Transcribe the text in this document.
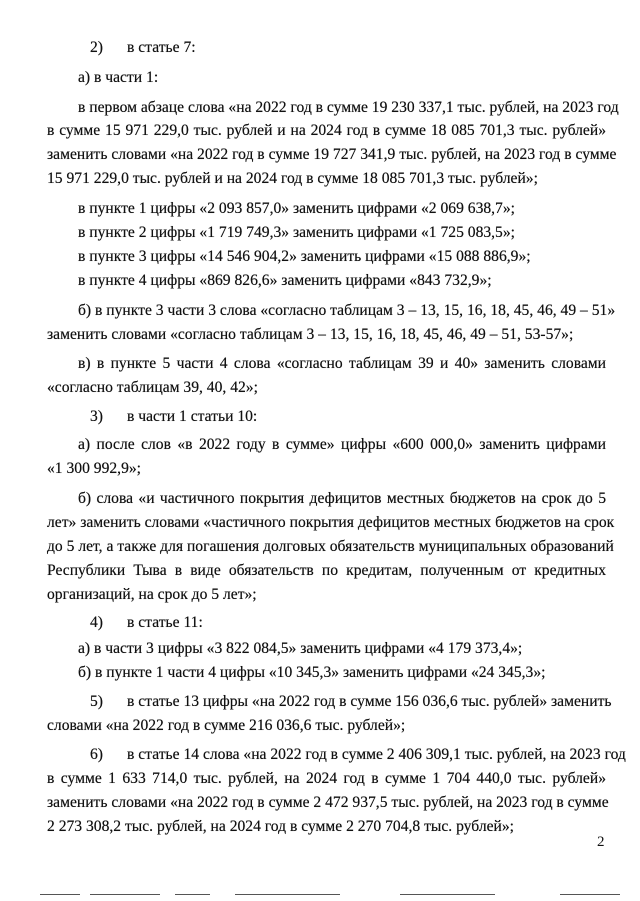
2) в статье 7:
а) в части 1:
в первом абзаце слова «на 2022 год в сумме 19 230 337,1 тыс. рублей, на 2023 год
в сумме 15 971 229,0 тыс. рублей и на 2024 год в сумме 18 085 701,3 тыс. рублей»
заменить словами «на 2022 год в сумме 19 727 341,9 тыс. рублей, на 2023 год в сумме
15 971 229,0 тыс. рублей и на 2024 год в сумме 18 085 701,3 тыс. рублей»;
в пункте 1 цифры «2 093 857,0» заменить цифрами «2 069 638,7»;
в пункте 2 цифры «1 719 749,3» заменить цифрами «1 725 083,5»;
в пункте 3 цифры «14 546 904,2» заменить цифрами «15 088 886,9»;
в пункте 4 цифры «869 826,6» заменить цифрами «843 732,9»;
б) в пункте 3 части 3 слова «согласно таблицам 3 – 13, 15, 16, 18, 45, 46, 49 – 51»
заменить словами «согласно таблицам 3 – 13, 15, 16, 18, 45, 46, 49 – 51, 53-57»;
в) в пункте 5 части 4 слова «согласно таблицам 39 и 40» заменить словами
«согласно таблицам 39, 40, 42»;
3) в части 1 статьи 10:
а) после слов «в 2022 году в сумме» цифры «600 000,0» заменить цифрами
«1 300 992,9»;
б) слова «и частичного покрытия дефицитов местных бюджетов на срок до 5
лет» заменить словами «частичного покрытия дефицитов местных бюджетов на срок
до 5 лет, а также для погашения долговых обязательств муниципальных образований
Республики Тыва в виде обязательств по кредитам, полученным от кредитных
организаций, на срок до 5 лет»;
4) в статье 11:
а) в части 3 цифры «3 822 084,5» заменить цифрами «4 179 373,4»;
б) в пункте 1 части 4 цифры «10 345,3» заменить цифрами «24 345,3»;
5) в статье 13 цифры «на 2022 год в сумме 156 036,6 тыс. рублей» заменить
словами «на 2022 год в сумме 216 036,6 тыс. рублей»;
6) в статье 14 слова «на 2022 год в сумме 2 406 309,1 тыс. рублей, на 2023 год
в сумме 1 633 714,0 тыс. рублей, на 2024 год в сумме 1 704 440,0 тыс. рублей»
заменить словами «на 2022 год в сумме 2 472 937,5 тыс. рублей, на 2023 год в сумме
2 273 308,2 тыс. рублей, на 2024 год в сумме 2 270 704,8 тыс. рублей»;
2
